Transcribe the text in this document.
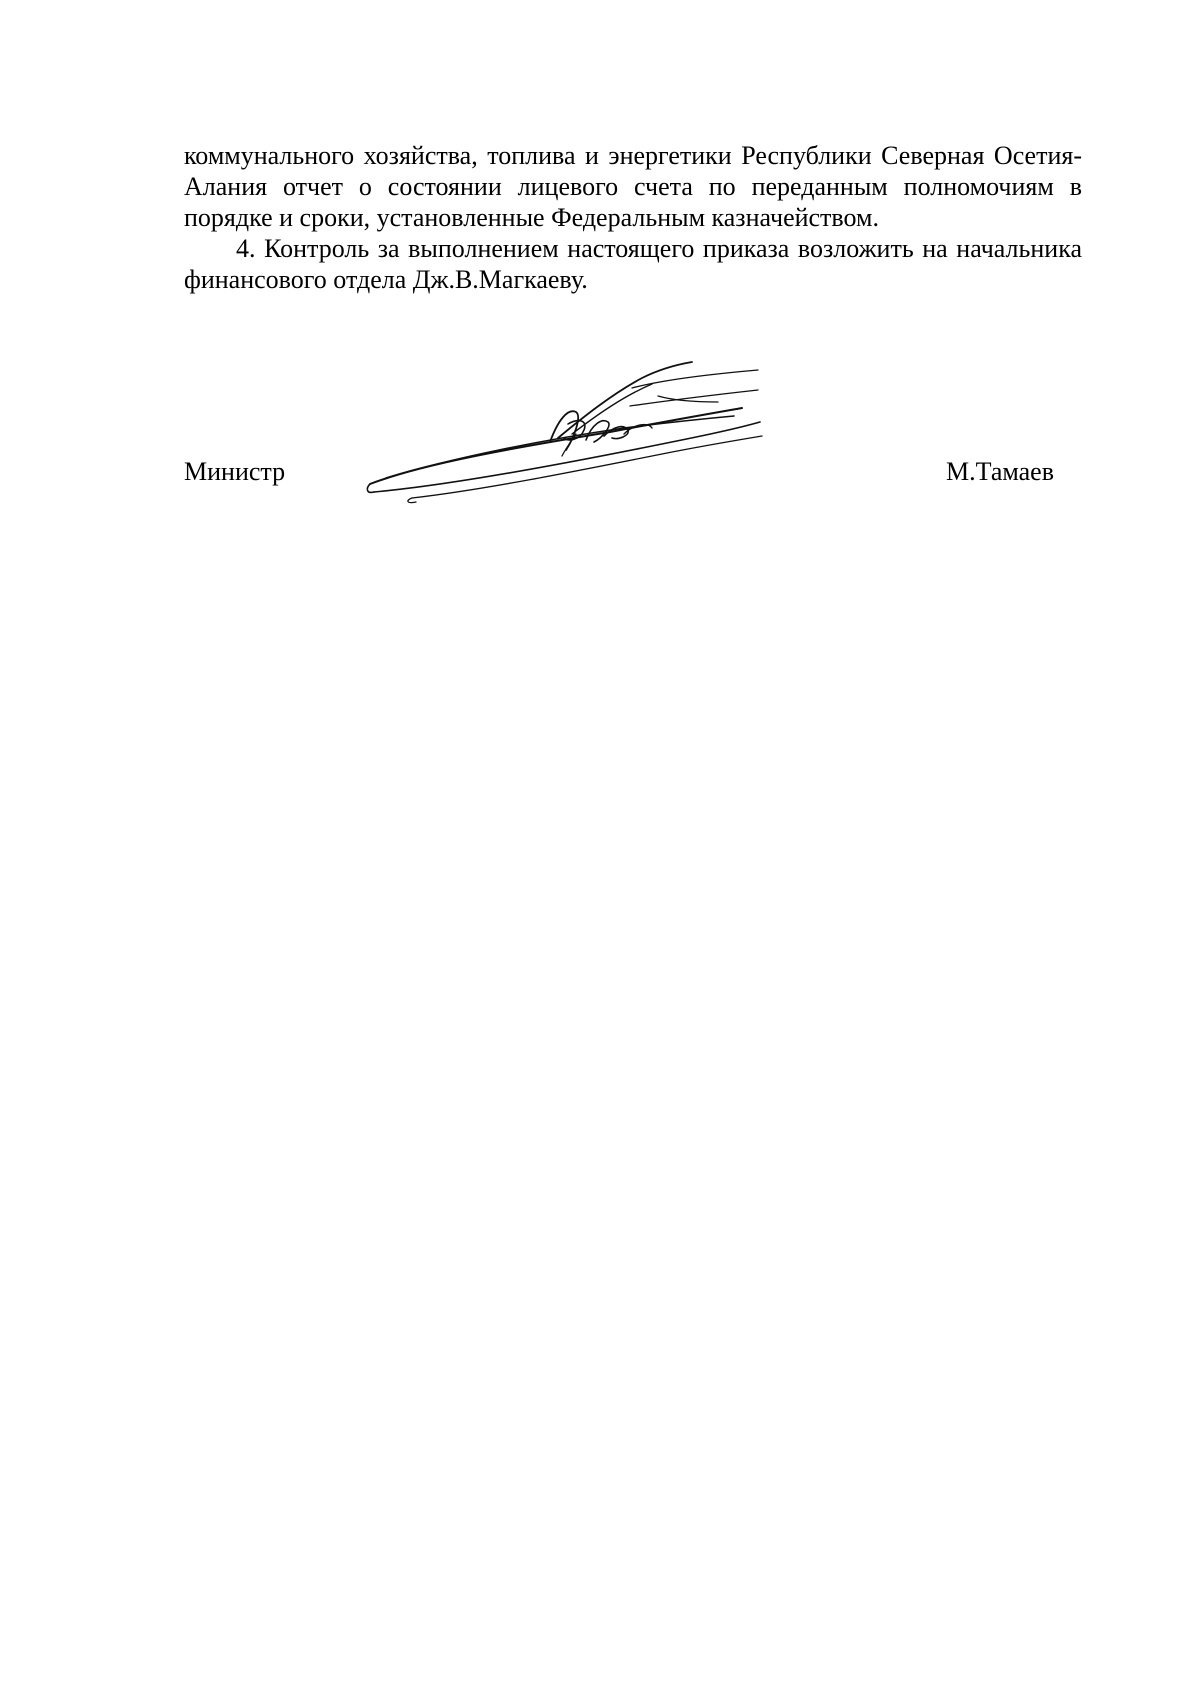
коммунального хозяйства, топлива и энергетики Республики Северная Осетия-Алания отчет о состоянии лицевого счета по переданным полномочиям в порядке и сроки, установленные Федеральным казначейством.

4. Контроль за выполнением настоящего приказа возложить на начальника финансового отдела Дж.В.Магкаеву.

Министр	М.Тамаев
